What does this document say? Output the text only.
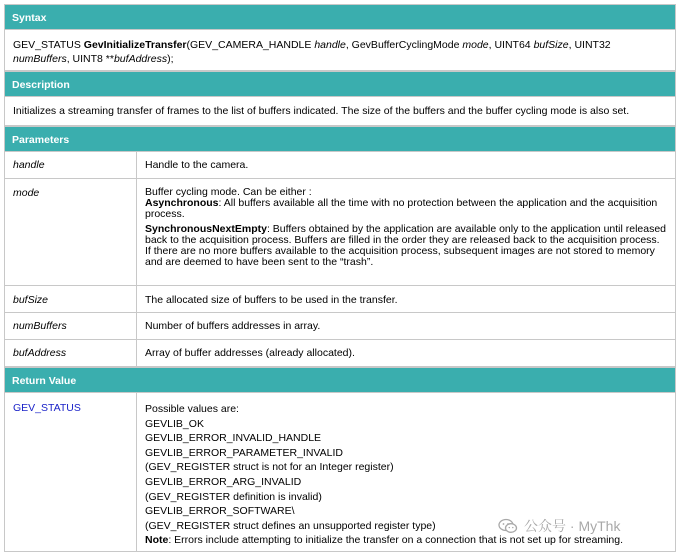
Syntax
GEV_STATUS GevInitializeTransfer(GEV_CAMERA_HANDLE handle, GevBufferCyclingMode mode, UINT64 bufSize, UINT32 numBuffers, UINT8 **bufAddress);
Description
Initializes a streaming transfer of frames to the list of buffers indicated. The size of the buffers and the buffer cycling mode is also set.
Parameters
handle	Handle to the camera.
mode	Buffer cycling mode. Can be either :

Asynchronous: All buffers available all the time with no protection between the application and the acquisition process.

SynchronousNextEmpty: Buffers obtained by the application are available only to the application until released back to the acquisition process. Buffers are filled in the order they are released back to the acquisition process. If there are no more buffers available to the acquisition process, subsequent images are not stored to memory and are deemed to have been sent to the “trash”.

bufSize	The allocated size of buffers to be used in the transfer.
numBuffers	Number of buffers addresses in array.
bufAddress	Array of buffer addresses (already allocated).
Return Value
GEV_STATUS	Possible values are:

GEVLIB_OK

GEVLIB_ERROR_INVALID_HANDLE

GEVLIB_ERROR_PARAMETER_INVALID

(GEV_REGISTER struct is not for an Integer register)

GEVLIB_ERROR_ARG_INVALID

(GEV_REGISTER definition is invalid)

GEVLIB_ERROR_SOFTWARE\

(GEV_REGISTER struct defines an unsupported register type)

Note: Errors include attempting to initialize the transfer on a connection that is not set up for streaming.

公众号 · MyThk
